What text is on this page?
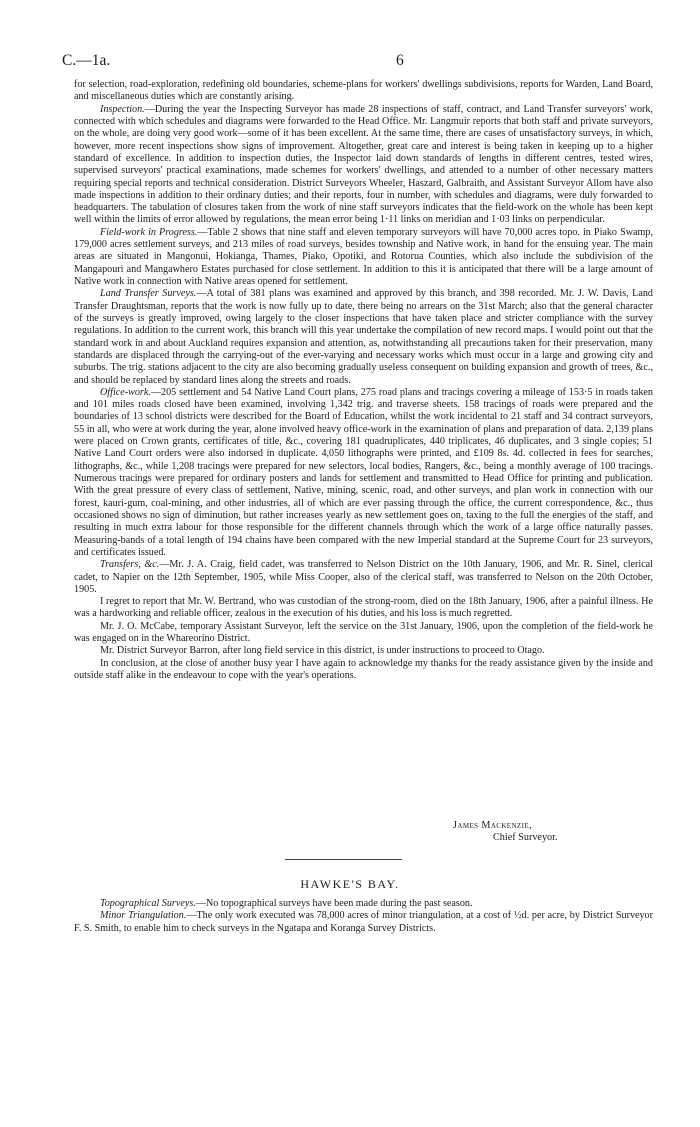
C.—1a.	6

for selection, road-exploration, redefining old boundaries, scheme-plans for workers' dwellings subdivisions, reports for Warden, Land Board, and miscellaneous duties which are constantly arising.

Inspection.—During the year the Inspecting Surveyor has made 28 inspections of staff, contract, and Land Transfer surveyors' work, connected with which schedules and diagrams were forwarded to the Head Office. Mr. Langmuir reports that both staff and private surveyors, on the whole, are doing very good work—some of it has been excellent. At the same time, there are cases of unsatisfactory surveys, in which, however, more recent inspections show signs of improvement. Altogether, great care and interest is being taken in keeping up to a higher standard of excellence. In addition to inspection duties, the Inspector laid down standards of lengths in different centres, tested wires, supervised surveyors' practical examinations, made schemes for workers' dwellings, and attended to a number of other necessary matters requiring special reports and technical consideration. District Surveyors Wheeler, Haszard, Galbraith, and Assistant Surveyor Allom have also made inspections in addition to their ordinary duties; and their reports, four in number, with schedules and diagrams, were duly forwarded to headquarters. The tabulation of closures taken from the work of nine staff surveyors indicates that the field-work on the whole has been kept well within the limits of error allowed by regulations, the mean error being 1·11 links on meridian and 1·03 links on perpendicular.

Field-work in Progress.—Table 2 shows that nine staff and eleven temporary surveyors will have 70,000 acres topo. in Piako Swamp, 179,000 acres settlement surveys, and 213 miles of road surveys, besides township and Native work, in hand for the ensuing year. The main areas are situated in Mangonui, Hokianga, Thames, Piako, Opotiki, and Rotorua Counties, which also include the subdivision of the Mangapouri and Mangawhero Estates purchased for close settlement. In addition to this it is anticipated that there will be a large amount of Native work in connection with Native areas opened for settlement.

Land Transfer Surveys.—A total of 381 plans was examined and approved by this branch, and 398 recorded. Mr. J. W. Davis, Land Transfer Draughtsman, reports that the work is now fully up to date, there being no arrears on the 31st March; also that the general character of the surveys is greatly improved, owing largely to the closer inspections that have taken place and stricter compliance with the survey regulations. In addition to the current work, this branch will this year undertake the compilation of new record maps. I would point out that the standard work in and about Auckland requires expansion and attention, as, notwithstanding all precautions taken for their preservation, many standards are displaced through the carrying-out of the ever-varying and necessary works which must occur in a large and growing city and suburbs. The trig. stations adjacent to the city are also becoming gradually useless consequent on building expansion and growth of trees, &c., and should be replaced by standard lines along the streets and roads.

Office-work.—205 settlement and 54 Native Land Court plans, 275 road plans and tracings covering a mileage of 153·5 in roads taken and 101 miles roads closed have been examined, involving 1,342 trig. and traverse sheets. 158 tracings of roads were prepared and the boundaries of 13 school districts were described for the Board of Education, whilst the work incidental to 21 staff and 34 contract surveyors, 55 in all, who were at work during the year, alone involved heavy office-work in the examination of plans and preparation of data. 2,139 plans were placed on Crown grants, certificates of title, &c., covering 181 quadruplicates, 440 triplicates, 46 duplicates, and 3 single copies; 51 Native Land Court orders were also indorsed in duplicate. 4,050 lithographs were printed, and £109 8s. 4d. collected in fees for searches, lithographs, &c., while 1,208 tracings were prepared for new selectors, local bodies, Rangers, &c., being a monthly average of 100 tracings. Numerous tracings were prepared for ordinary posters and lands for settlement and transmitted to Head Office for printing and publication. With the great pressure of every class of settlement, Native, mining, scenic, road, and other surveys, and plan work in connection with our forest, kauri-gum, coal-mining, and other industries, all of which are ever passing through the office, the current correspondence, &c., thus occasioned shows no sign of diminution, but rather increases yearly as new settlement goes on, taxing to the full the energies of the staff, and resulting in much extra labour for those responsible for the different channels through which the work of a large office naturally passes. Measuring-bands of a total length of 194 chains have been compared with the new Imperial standard at the Supreme Court for 23 surveyors, and certificates issued.

Transfers, &c.—Mr. J. A. Craig, field cadet, was transferred to Nelson District on the 10th January, 1906, and Mr. R. Sinel, clerical cadet, to Napier on the 12th September, 1905, while Miss Cooper, also of the clerical staff, was transferred to Nelson on the 20th October, 1905.

I regret to report that Mr. W. Bertrand, who was custodian of the strong-room, died on the 18th January, 1906, after a painful illness. He was a hardworking and reliable officer, zealous in the execution of his duties, and his loss is much regretted.

Mr. J. O. McCabe, temporary Assistant Surveyor, left the service on the 31st January, 1906, upon the completion of the field-work he was engaged on in the Whareorino District.

Mr. District Surveyor Barron, after long field service in this district, is under instructions to proceed to Otago.

In conclusion, at the close of another busy year I have again to acknowledge my thanks for the ready assistance given by the inside and outside staff alike in the endeavour to cope with the year's operations.

James Mackenzie,
Chief Surveyor.
HAWKE'S BAY.

Topographical Surveys.—No topographical surveys have been made during the past season.

Minor Triangulation.—The only work executed was 78,000 acres of minor triangulation, at a cost of ½d. per acre, by District Surveyor F. S. Smith, to enable him to check surveys in the Ngatapa and Koranga Survey Districts.
